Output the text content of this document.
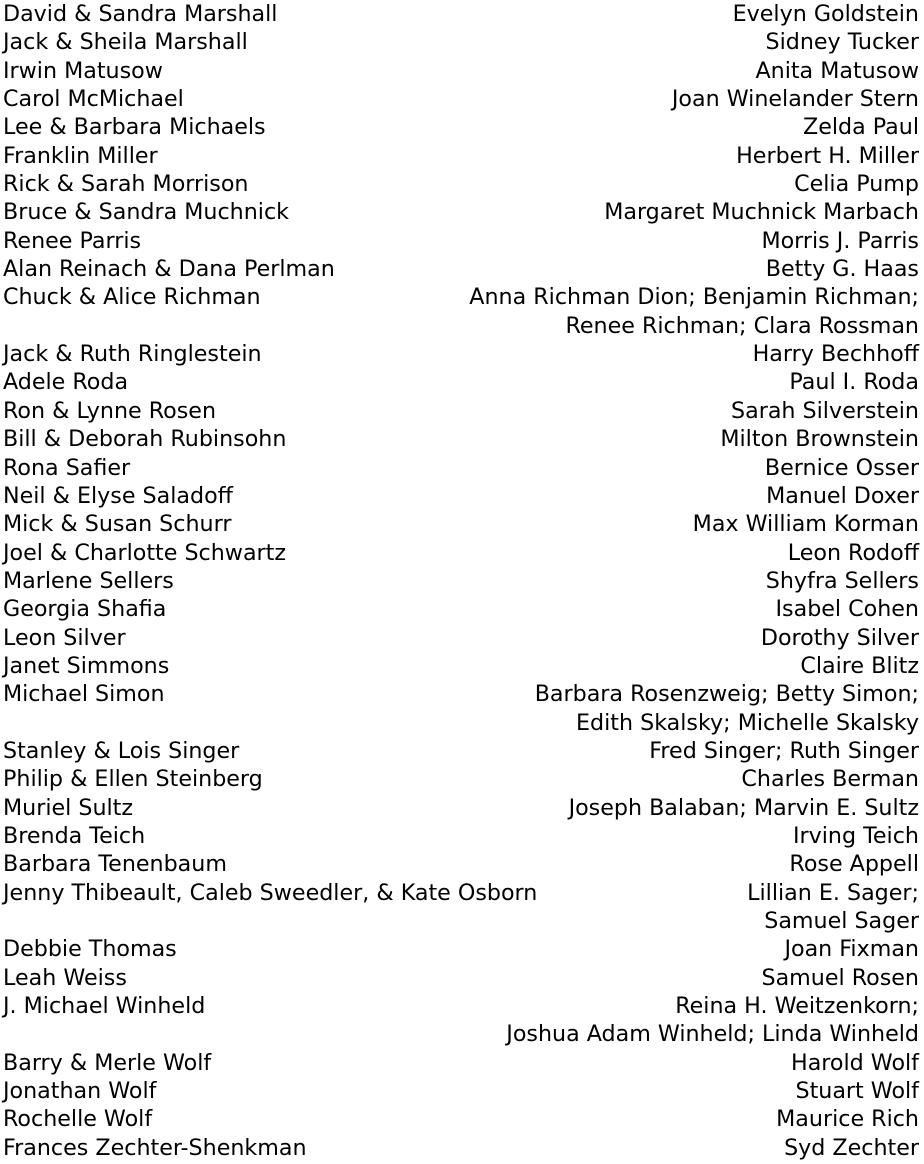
David & Sandra Marshall	Evelyn Goldstein
Jack & Sheila Marshall	Sidney Tucker
Irwin Matusow	Anita Matusow
Carol McMichael	Joan Winelander Stern
Lee & Barbara Michaels	Zelda Paul
Franklin Miller	Herbert H. Miller
Rick & Sarah Morrison	Celia Pump
Bruce & Sandra Muchnick	Margaret Muchnick Marbach
Renee Parris	Morris J. Parris
Alan Reinach & Dana Perlman	Betty G. Haas
Chuck & Alice Richman	Anna Richman Dion; Benjamin Richman;
Renee Richman; Clara Rossman
Jack & Ruth Ringlestein	Harry Bechhoff
Adele Roda	Paul I. Roda
Ron & Lynne Rosen	Sarah Silverstein
Bill & Deborah Rubinsohn	Milton Brownstein
Rona Safier	Bernice Osser
Neil & Elyse Saladoff	Manuel Doxer
Mick & Susan Schurr	Max William Korman
Joel & Charlotte Schwartz	Leon Rodoff
Marlene Sellers	Shyfra Sellers
Georgia Shafia	Isabel Cohen
Leon Silver	Dorothy Silver
Janet Simmons	Claire Blitz
Michael Simon	Barbara Rosenzweig; Betty Simon;
Edith Skalsky; Michelle Skalsky
Stanley & Lois Singer	Fred Singer; Ruth Singer
Philip & Ellen Steinberg	Charles Berman
Muriel Sultz	Joseph Balaban; Marvin E. Sultz
Brenda Teich	Irving Teich
Barbara Tenenbaum	Rose Appell
Jenny Thibeault, Caleb Sweedler, & Kate Osborn	Lillian E. Sager;
Samuel Sager
Debbie Thomas	Joan Fixman
Leah Weiss	Samuel Rosen
J. Michael Winheld	Reina H. Weitzenkorn;
Joshua Adam Winheld; Linda Winheld
Barry & Merle Wolf	Harold Wolf
Jonathan Wolf	Stuart Wolf
Rochelle Wolf	Maurice Rich
Frances Zechter-Shenkman	Syd Zechter
